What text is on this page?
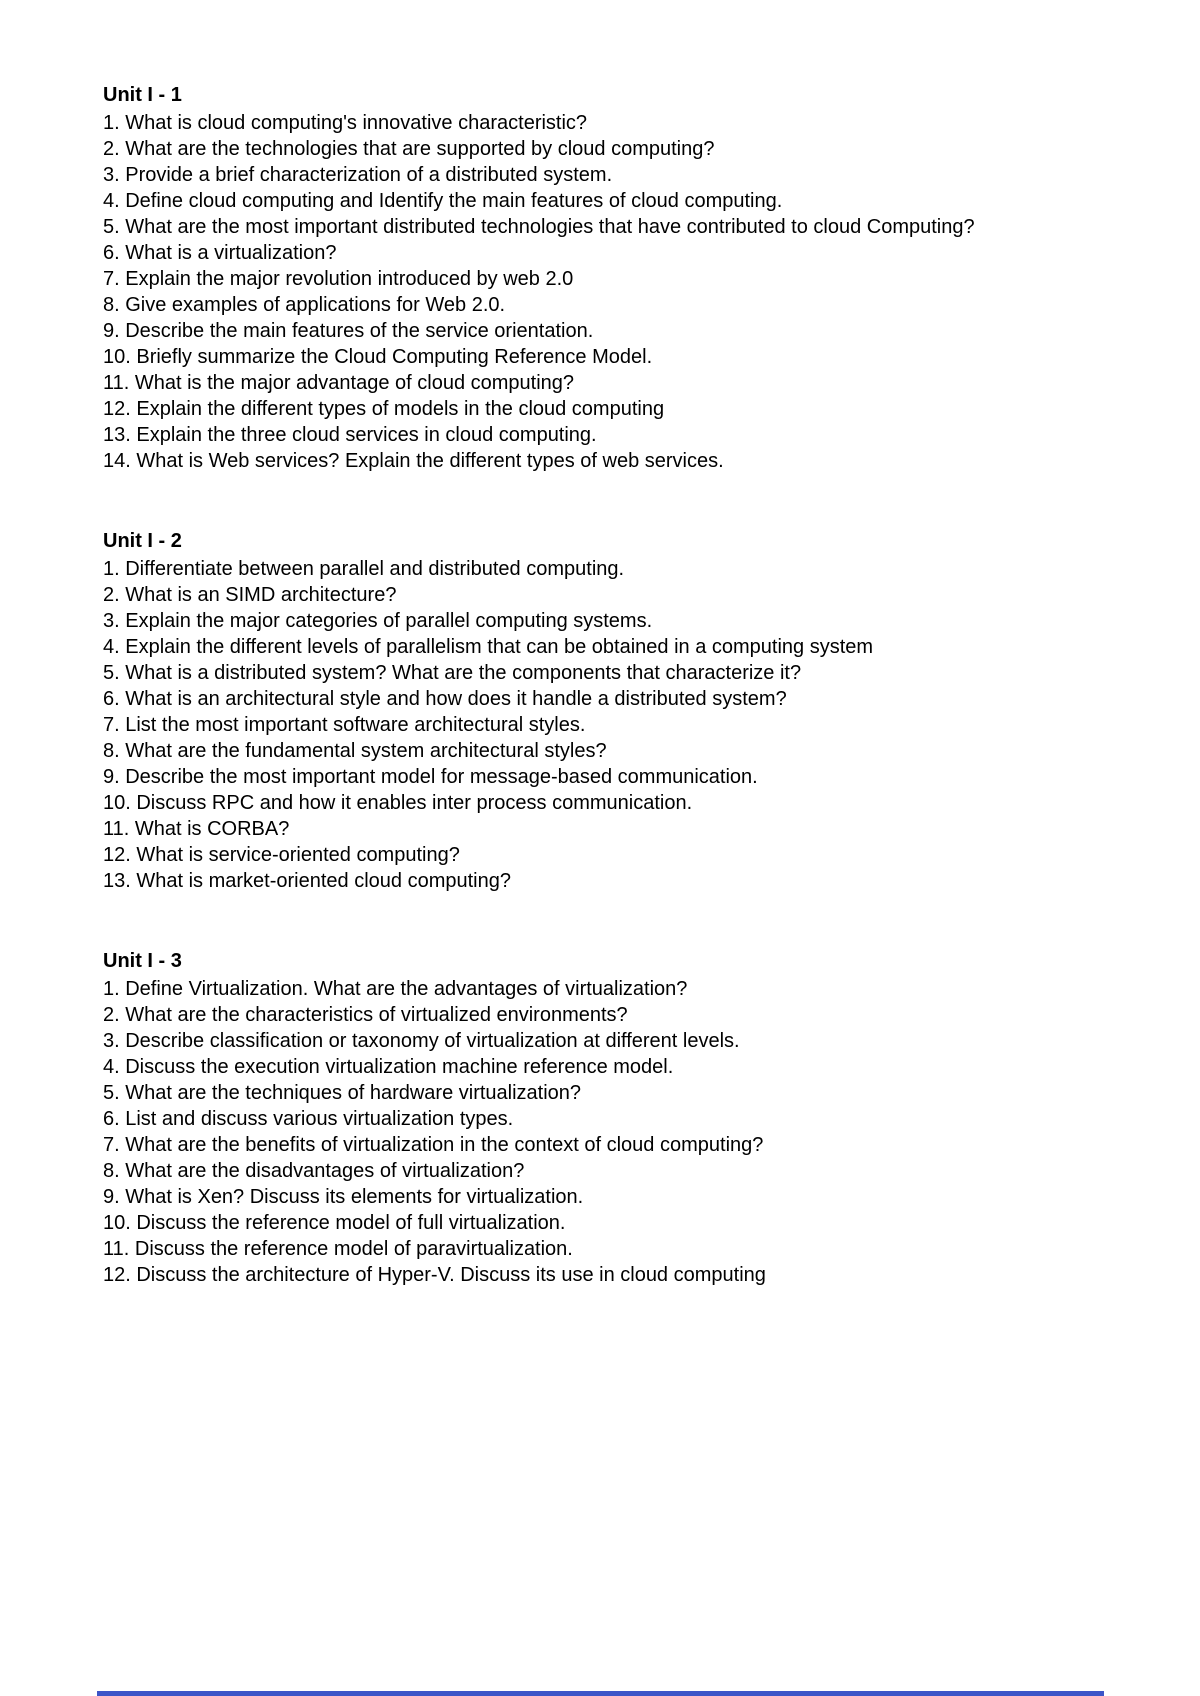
Unit I - 1

1. What is cloud computing's innovative characteristic?

2. What are the technologies that are supported by cloud computing?

3. Provide a brief characterization of a distributed system.

4. Define cloud computing and Identify the main features of cloud computing.

5. What are the most important distributed technologies that have contributed to cloud Computing?

6. What is a virtualization?

7. Explain the major revolution introduced by web 2.0

8. Give examples of applications for Web 2.0.

9. Describe the main features of the service orientation.

10. Briefly summarize the Cloud Computing Reference Model.

11. What is the major advantage of cloud computing?

12. Explain the different types of models in the cloud computing

13. Explain the three cloud services in cloud computing.

14. What is Web services? Explain the different types of web services.

Unit I - 2

1. Differentiate between parallel and distributed computing.

2. What is an SIMD architecture?

3. Explain the major categories of parallel computing systems.

4. Explain the different levels of parallelism that can be obtained in a computing system

5. What is a distributed system? What are the components that characterize it?

6. What is an architectural style and how does it handle a distributed system?

7. List the most important software architectural styles.

8. What are the fundamental system architectural styles?

9. Describe the most important model for message-based communication.

10. Discuss RPC and how it enables inter process communication.

11. What is CORBA?

12. What is service-oriented computing?

13. What is market-oriented cloud computing?

Unit I - 3

1. Define Virtualization. What are the advantages of virtualization?

2. What are the characteristics of virtualized environments?

3. Describe classification or taxonomy of virtualization at different levels.

4. Discuss the execution virtualization machine reference model.

5. What are the techniques of hardware virtualization?

6. List and discuss various virtualization types.

7. What are the benefits of virtualization in the context of cloud computing?

8. What are the disadvantages of virtualization?

9. What is Xen? Discuss its elements for virtualization.

10. Discuss the reference model of full virtualization.

11. Discuss the reference model of paravirtualization.

12. Discuss the architecture of Hyper-V. Discuss its use in cloud computing
